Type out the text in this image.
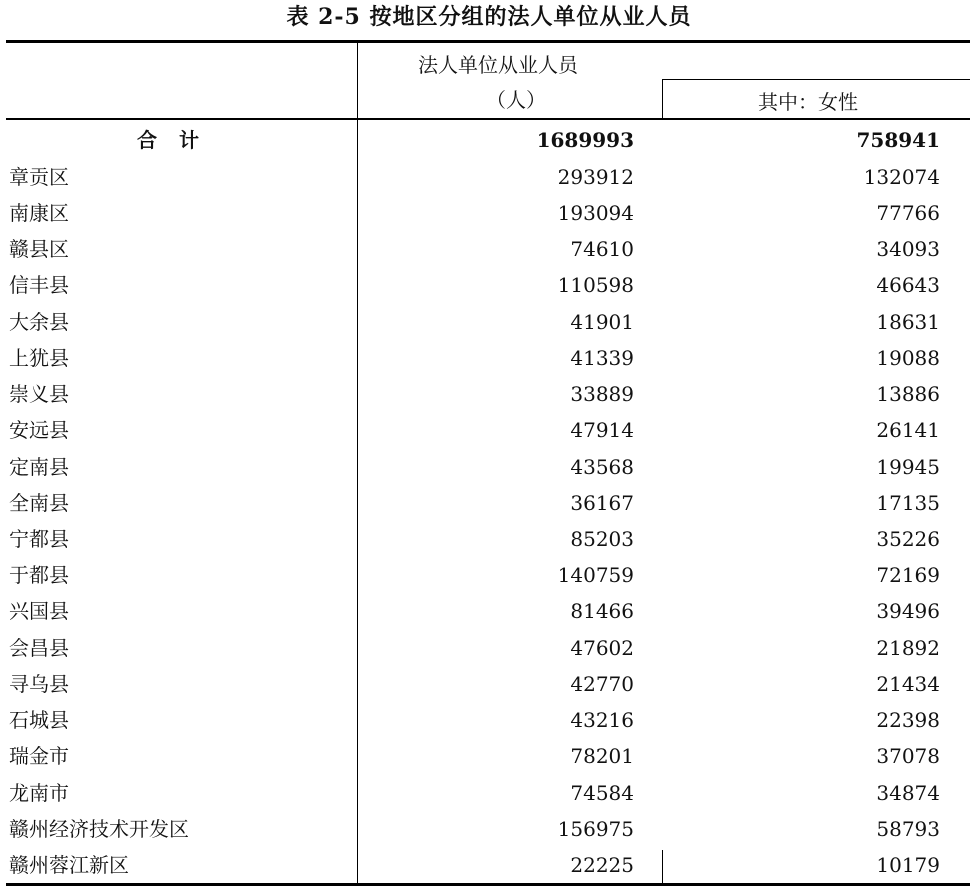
表 2-5 按地区分组的法人单位从业人员
法人单位从业人员
（人）	其中：女性
合计	1689993	758941
章贡区	293912	132074
南康区	193094	77766
赣县区	74610	34093
信丰县	110598	46643
大余县	41901	18631
上犹县	41339	19088
崇义县	33889	13886
安远县	47914	26141
定南县	43568	19945
全南县	36167	17135
宁都县	85203	35226
于都县	140759	72169
兴国县	81466	39496
会昌县	47602	21892
寻乌县	42770	21434
石城县	43216	22398
瑞金市	78201	37078
龙南市	74584	34874
赣州经济技术开发区	156975	58793
赣州蓉江新区	22225	10179
